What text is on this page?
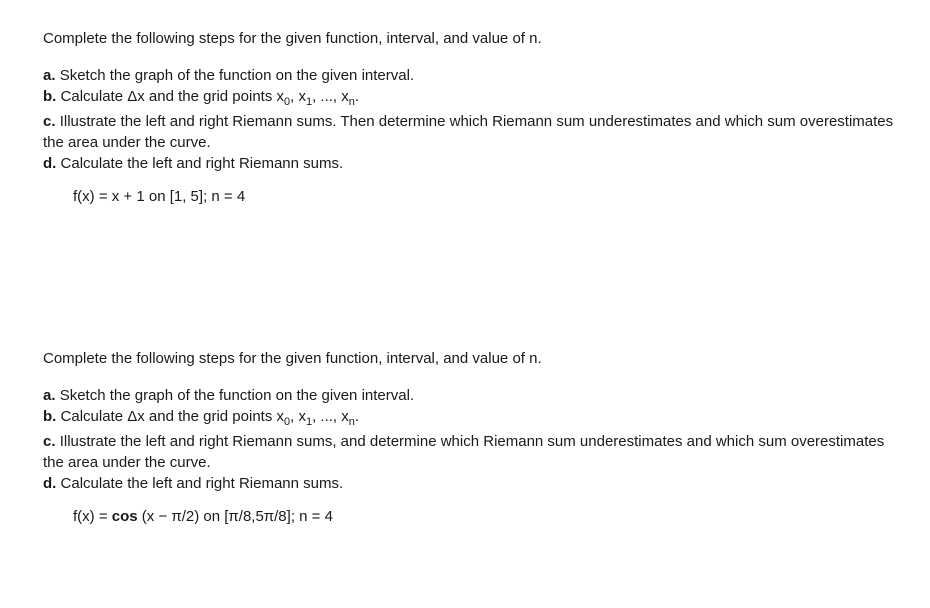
Complete the following steps for the given function, interval, and value of n.

a. Sketch the graph of the function on the given interval.

b. Calculate Δx and the grid points $x_0$, $x_1$, ..., $x_n$.

c. Illustrate the left and right Riemann sums. Then determine which Riemann sum underestimates and which sum overestimates the area under the curve.

d. Calculate the left and right Riemann sums.

f(x) = x + 1 on [1, 5]; n = 4

Complete the following steps for the given function, interval, and value of n.

a. Sketch the graph of the function on the given interval.

b. Calculate Δx and the grid points $x_0$, $x_1$, ..., $x_n$.

c. Illustrate the left and right Riemann sums, and determine which Riemann sum underestimates and which sum overestimates the area under the curve.

d. Calculate the left and right Riemann sums.

f(x) = cos (x − π/2) on [π/8,5π/8]; n = 4
